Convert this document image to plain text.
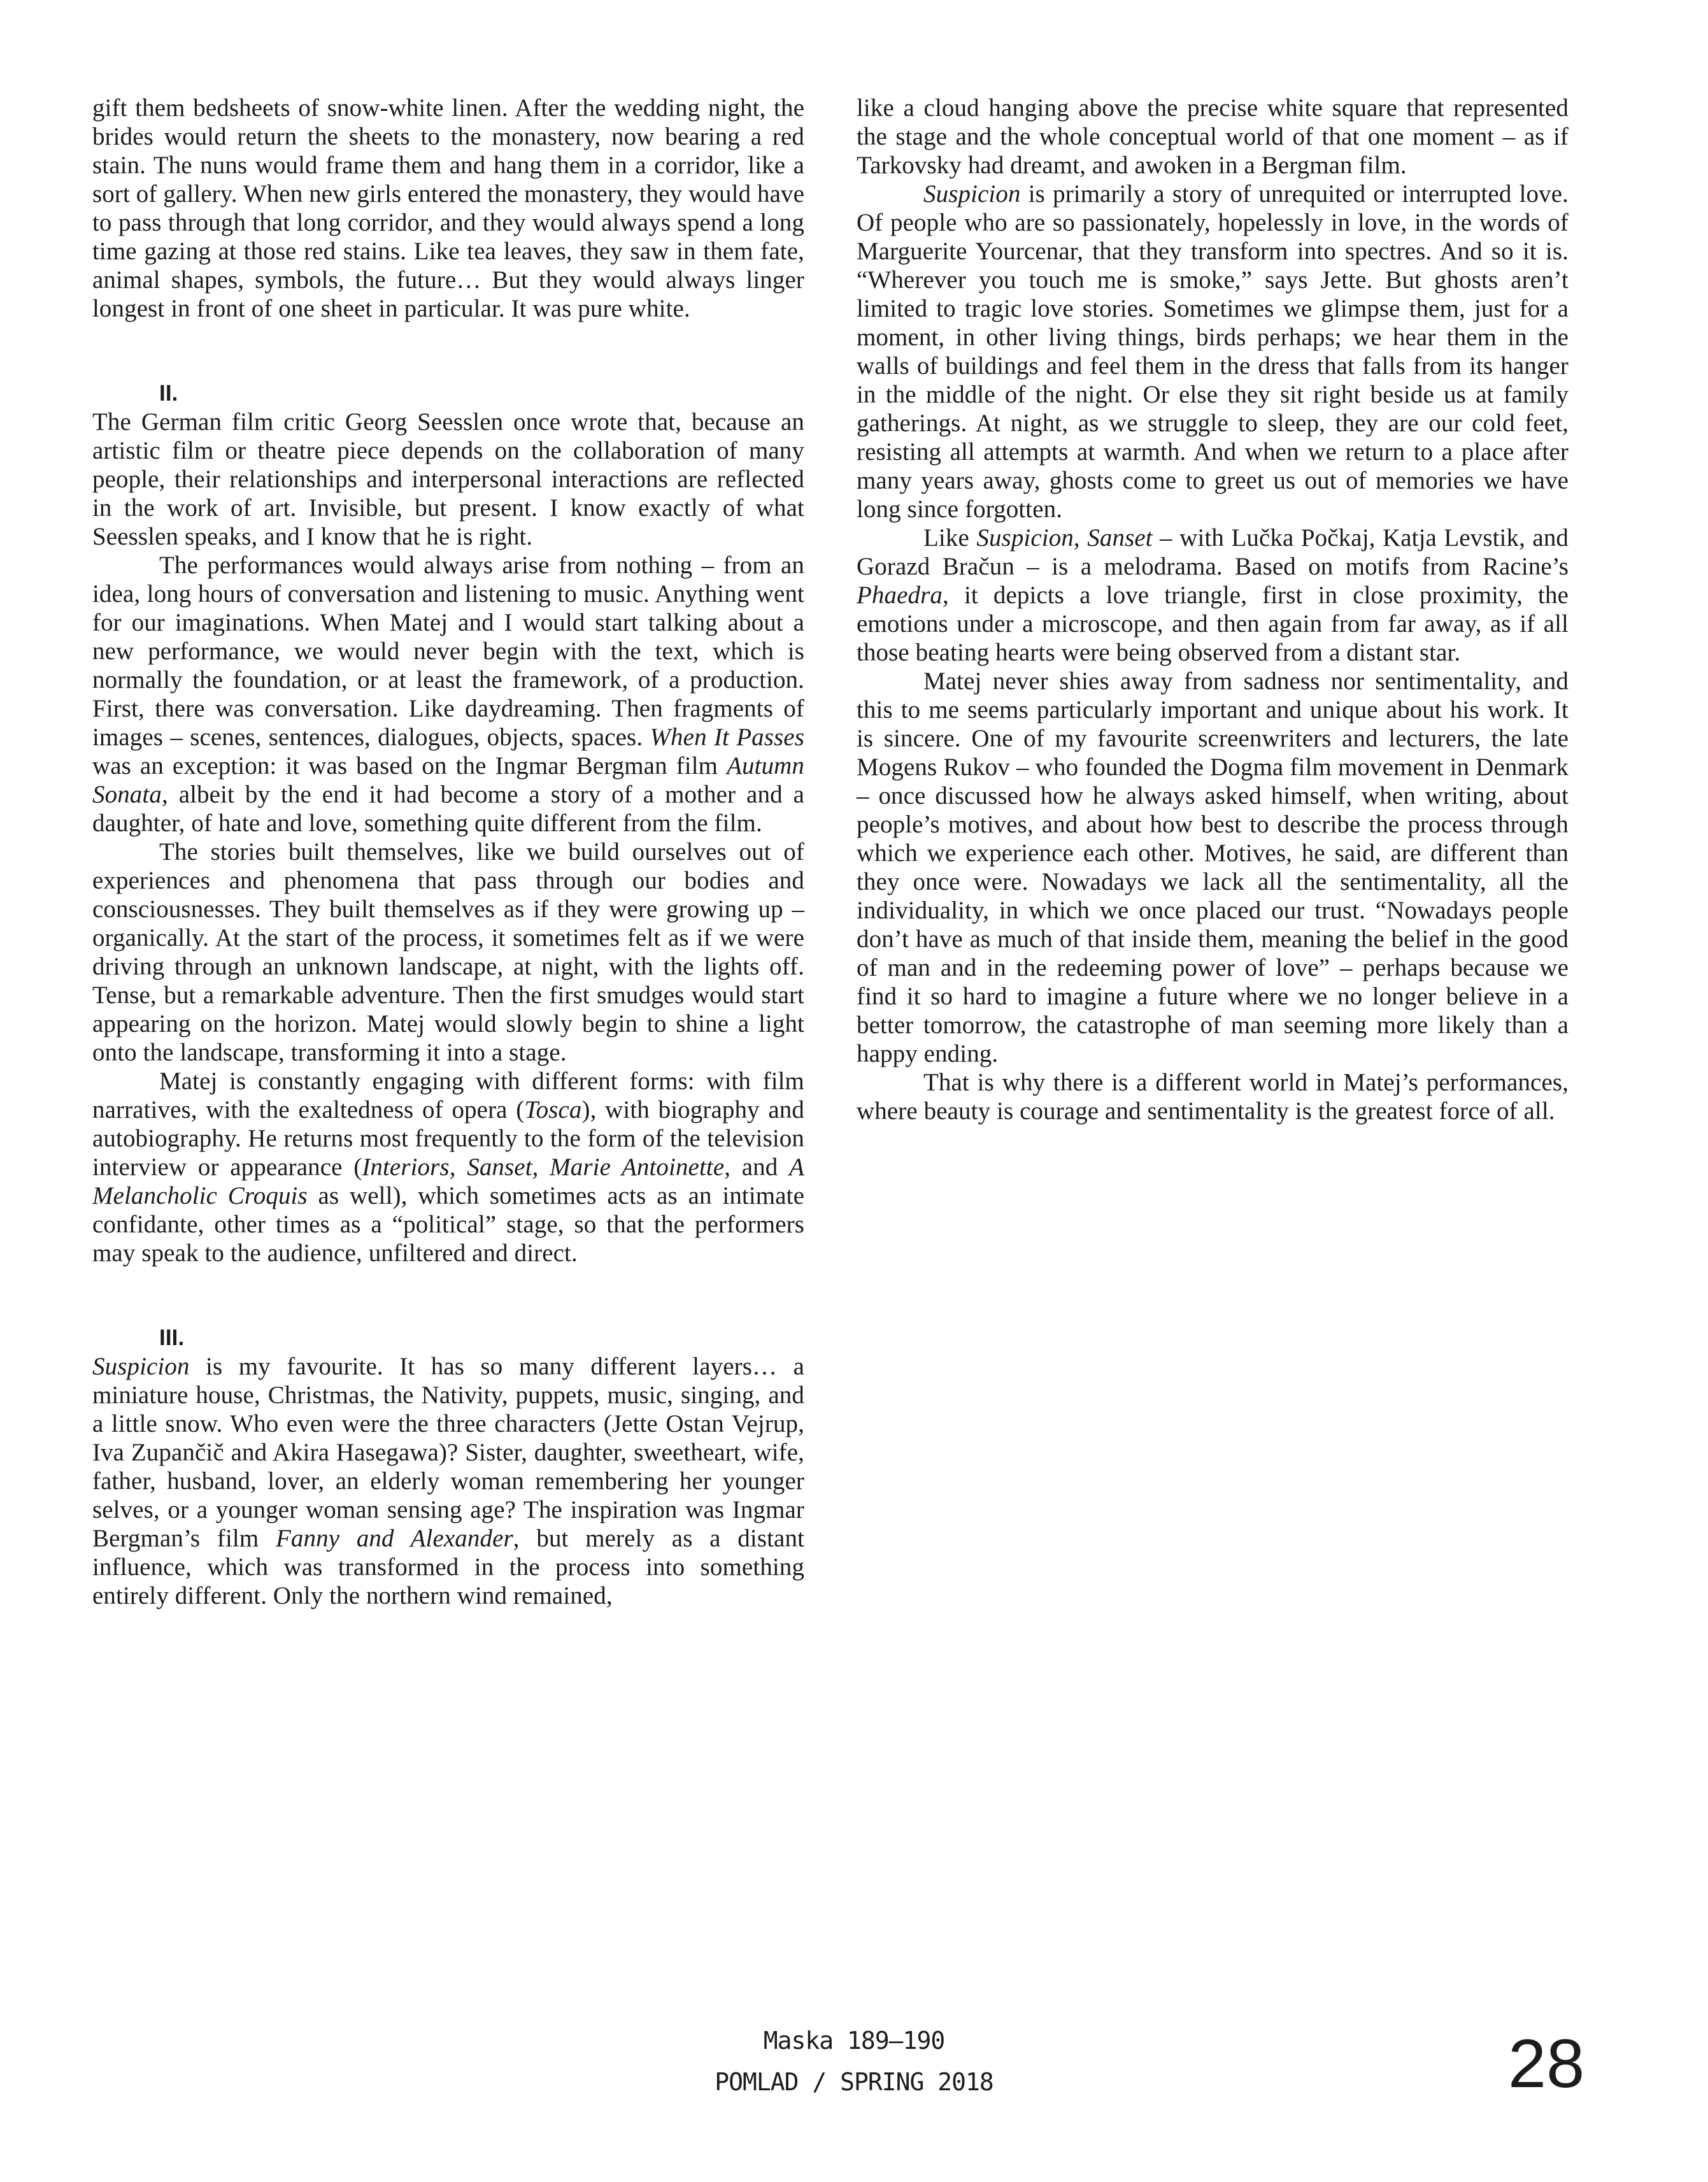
gift them bedsheets of snow-white linen. After the wedding night, the brides would return the sheets to the monastery, now bearing a red stain. The nuns would frame them and hang them in a corridor, like a sort of gallery. When new girls entered the monastery, they would have to pass through that long corridor, and they would always spend a long time gazing at those red stains. Like tea leaves, they saw in them fate, animal shapes, symbols, the future… But they would always linger longest in front of one sheet in particular. It was pure white.

II.

The German film critic Georg Seesslen once wrote that, because an artistic film or theatre piece depends on the collaboration of many people, their relationships and interpersonal interactions are reflected in the work of art. Invisible, but present. I know exactly of what Seesslen speaks, and I know that he is right.

The performances would always arise from nothing – from an idea, long hours of conversation and listening to music. Anything went for our imaginations. When Matej and I would start talking about a new performance, we would never begin with the text, which is normally the foundation, or at least the framework, of a production. First, there was conversation. Like daydreaming. Then fragments of images – scenes, sentences, dialogues, objects, spaces. When It Passes was an exception: it was based on the Ingmar Bergman film Autumn Sonata, albeit by the end it had become a story of a mother and a daughter, of hate and love, something quite different from the film.

The stories built themselves, like we build ourselves out of experiences and phenomena that pass through our bodies and consciousnesses. They built themselves as if they were growing up – organically. At the start of the process, it sometimes felt as if we were driving through an unknown landscape, at night, with the lights off. Tense, but a remarkable adventure. Then the first smudges would start appearing on the horizon. Matej would slowly begin to shine a light onto the landscape, transforming it into a stage.

Matej is constantly engaging with different forms: with film narratives, with the exaltedness of opera (Tosca), with biography and autobiography. He returns most frequently to the form of the television interview or appearance (Interiors, Sanset, Marie Antoinette, and A Melancholic Croquis as well), which sometimes acts as an intimate confidante, other times as a “political” stage, so that the performers may speak to the audience, unfiltered and direct.

III.

Suspicion is my favourite. It has so many different layers… a miniature house, Christmas, the Nativity, puppets, music, singing, and a little snow. Who even were the three characters (Jette Ostan Vejrup, Iva Zupančič and Akira Hasegawa)? Sister, daughter, sweetheart, wife, father, husband, lover, an elderly woman remembering her younger selves, or a younger woman sensing age? The inspiration was Ingmar Bergman’s film Fanny and Alexander, but merely as a distant influence, which was transformed in the process into something entirely different. Only the northern wind remained,

like a cloud hanging above the precise white square that represented the stage and the whole conceptual world of that one moment – as if Tarkovsky had dreamt, and awoken in a Bergman film.

Suspicion is primarily a story of unrequited or interrupted love. Of people who are so passionately, hopelessly in love, in the words of Marguerite Yourcenar, that they transform into spectres. And so it is. “Wherever you touch me is smoke,” says Jette. But ghosts aren’t limited to tragic love stories. Sometimes we glimpse them, just for a moment, in other living things, birds perhaps; we hear them in the walls of buildings and feel them in the dress that falls from its hanger in the middle of the night. Or else they sit right beside us at family gatherings. At night, as we struggle to sleep, they are our cold feet, resisting all attempts at warmth. And when we return to a place after many years away, ghosts come to greet us out of memories we have long since forgotten.

Like Suspicion, Sanset – with Lučka Počkaj, Katja Levstik, and Gorazd Bračun – is a melodrama. Based on motifs from Racine’s Phaedra, it depicts a love triangle, first in close proximity, the emotions under a microscope, and then again from far away, as if all those beating hearts were being observed from a distant star.

Matej never shies away from sadness nor sentimentality, and this to me seems particularly important and unique about his work. It is sincere. One of my favourite screenwriters and lecturers, the late Mogens Rukov – who founded the Dogma film movement in Denmark – once discussed how he always asked himself, when writing, about people’s motives, and about how best to describe the process through which we experience each other. Motives, he said, are different than they once were. Nowadays we lack all the sentimentality, all the individuality, in which we once placed our trust. “Nowadays people don’t have as much of that inside them, meaning the belief in the good of man and in the redeeming power of love” – perhaps because we find it so hard to imagine a future where we no longer believe in a better tomorrow, the catastrophe of man seeming more likely than a happy ending.

That is why there is a different world in Matej’s performances, where beauty is courage and sentimentality is the greatest force of all.

Maska 189–190
POMLAD / SPRING 2018	28
